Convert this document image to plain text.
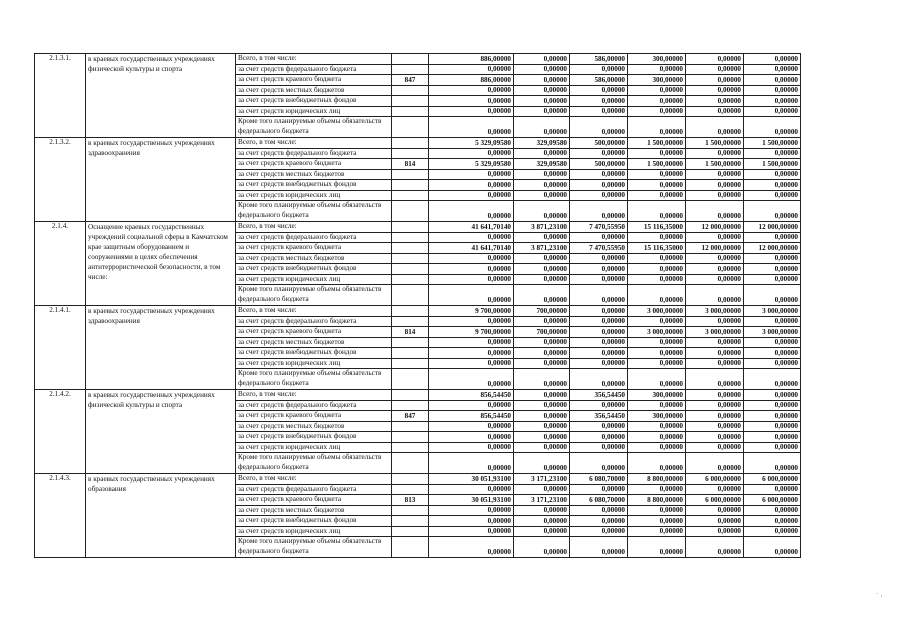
2.1.3.1.	в краевых государственных учреждениях физической культуры и спорта	Всего, в том числе:		886,00000	0,00000	586,00000	300,00000	0,00000	0,00000
		за счет средств федерального бюджета		0,00000	0,00000	0,00000	0,00000	0,00000	0,00000
		за счет средств краевого бюджета	847	886,00000	0,00000	586,00000	300,00000	0,00000	0,00000
		за счет средств местных бюджетов		0,00000	0,00000	0,00000	0,00000	0,00000	0,00000
		за счет средств внебюджетных фондов		0,00000	0,00000	0,00000	0,00000	0,00000	0,00000
		за счет средств юридических лиц		0,00000	0,00000	0,00000	0,00000	0,00000	0,00000
		Кроме того планируемые объемы обязательств федерального бюджета		0,00000	0,00000	0,00000	0,00000	0,00000	0,00000
2.1.3.2.	в краевых государственных учреждениях здравоохранения	Всего, в том числе:		5 329,09580	329,09580	500,00000	1 500,00000	1 500,00000	1 500,00000
		за счет средств федерального бюджета		0,00000	0,00000	0,00000	0,00000	0,00000	0,00000
		за счет средств краевого бюджета	814	5 329,09580	329,09580	500,00000	1 500,00000	1 500,00000	1 500,00000
		за счет средств местных бюджетов		0,00000	0,00000	0,00000	0,00000	0,00000	0,00000
		за счет средств внебюджетных фондов		0,00000	0,00000	0,00000	0,00000	0,00000	0,00000
		за счет средств юридических лиц		0,00000	0,00000	0,00000	0,00000	0,00000	0,00000
		Кроме того планируемые объемы обязательств федерального бюджета		0,00000	0,00000	0,00000	0,00000	0,00000	0,00000
2.1.4.	Оснащение краевых государственных учреждений социальной сферы в Камчатском крае защитным оборудованием и сооружениями в целях обеспечения антитеррористической безопасности, в том числе:	Всего, в том числе:		41 641,70140	3 871,23100	7 470,55950	15 116,35000	12 000,00000	12 000,00000
		за счет средств федерального бюджета		0,00000	0,00000	0,00000	0,00000	0,00000	0,00000
		за счет средств краевого бюджета		41 641,70140	3 871,23100	7 470,55950	15 116,35000	12 000,00000	12 000,00000
		за счет средств местных бюджетов		0,00000	0,00000	0,00000	0,00000	0,00000	0,00000
		за счет средств внебюджетных фондов		0,00000	0,00000	0,00000	0,00000	0,00000	0,00000
		за счет средств юридических лиц		0,00000	0,00000	0,00000	0,00000	0,00000	0,00000
		Кроме того планируемые объемы обязательств федерального бюджета		0,00000	0,00000	0,00000	0,00000	0,00000	0,00000
2.1.4.1.	в краевых государственных учреждениях здравоохранения	Всего, в том числе:		9 700,00000	700,00000	0,00000	3 000,00000	3 000,00000	3 000,00000
		за счет средств федерального бюджета		0,00000	0,00000	0,00000	0,00000	0,00000	0,00000
		за счет средств краевого бюджета	814	9 700,00000	700,00000	0,00000	3 000,00000	3 000,00000	3 000,00000
		за счет средств местных бюджетов		0,00000	0,00000	0,00000	0,00000	0,00000	0,00000
		за счет средств внебюджетных фондов		0,00000	0,00000	0,00000	0,00000	0,00000	0,00000
		за счет средств юридических лиц		0,00000	0,00000	0,00000	0,00000	0,00000	0,00000
		Кроме того планируемые объемы обязательств федерального бюджета		0,00000	0,00000	0,00000	0,00000	0,00000	0,00000
2.1.4.2.	в краевых государственных учреждениях физической культуры и спорта	Всего, в том числе:		856,54450	0,00000	356,54450	300,00000	0,00000	0,00000
		за счет средств федерального бюджета		0,00000	0,00000	0,00000	0,00000	0,00000	0,00000
		за счет средств краевого бюджета	847	856,54450	0,00000	356,54450	300,00000	0,00000	0,00000
		за счет средств местных бюджетов		0,00000	0,00000	0,00000	0,00000	0,00000	0,00000
		за счет средств внебюджетных фондов		0,00000	0,00000	0,00000	0,00000	0,00000	0,00000
		за счет средств юридических лиц		0,00000	0,00000	0,00000	0,00000	0,00000	0,00000
		Кроме того планируемые объемы обязательств федерального бюджета		0,00000	0,00000	0,00000	0,00000	0,00000	0,00000
2.1.4.3.	в краевых государственных учреждениях образования	Всего, в том числе:		30 051,93100	3 171,23100	6 080,70000	8 800,00000	6 000,00000	6 000,00000
		за счет средств федерального бюджета		0,00000	0,00000	0,00000	0,00000	0,00000	0,00000
		за счет средств краевого бюджета	813	30 051,93100	3 171,23100	6 080,70000	8 800,00000	6 000,00000	6 000,00000
		за счет средств местных бюджетов		0,00000	0,00000	0,00000	0,00000	0,00000	0,00000
		за счет средств внебюджетных фондов		0,00000	0,00000	0,00000	0,00000	0,00000	0,00000
		за счет средств юридических лиц		0,00000	0,00000	0,00000	0,00000	0,00000	0,00000
		Кроме того планируемые объемы обязательств федерального бюджета		0,00000	0,00000	0,00000	0,00000	0,00000	0,00000
· ,
